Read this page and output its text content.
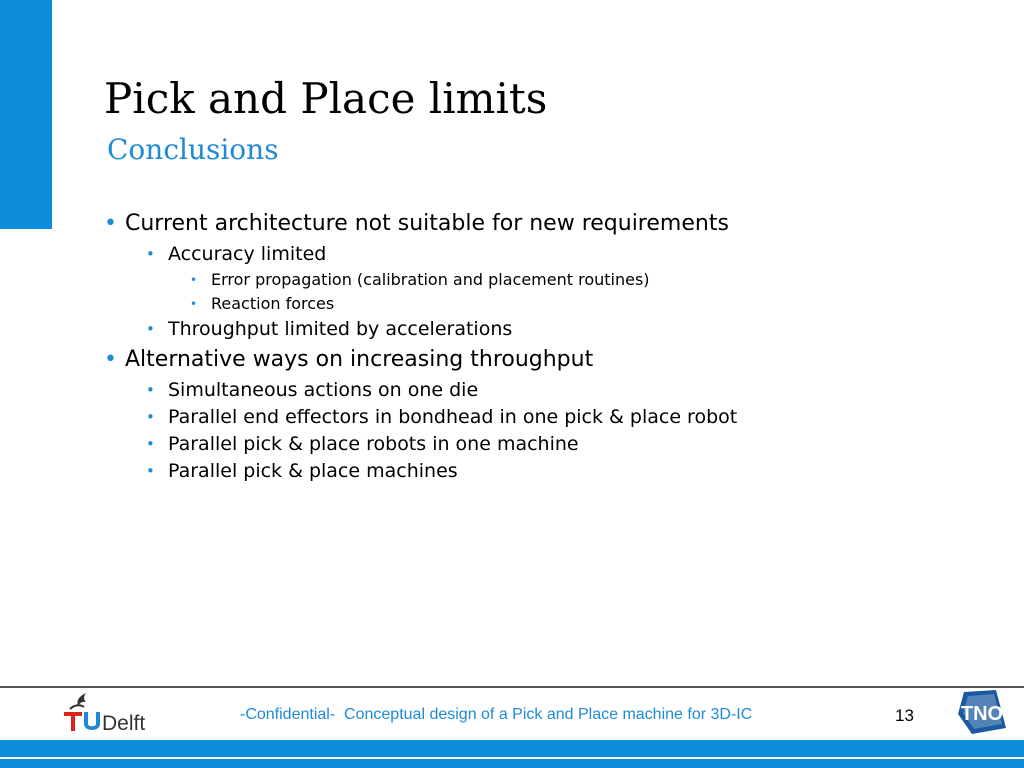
Pick and Place limits
Conclusions
• Current architecture not suitable for new requirements
• Accuracy limited
• Error propagation (calibration and placement routines)
• Reaction forces
• Throughput limited by accelerations
• Alternative ways on increasing throughput
• Simultaneous actions on one die
• Parallel end effectors in bondhead in one pick & place robot
• Parallel pick & place robots in one machine
• Parallel pick & place machines
Delft	-Confidential- Conceptual design of a Pick and Place machine for 3D-IC	13 TNO
